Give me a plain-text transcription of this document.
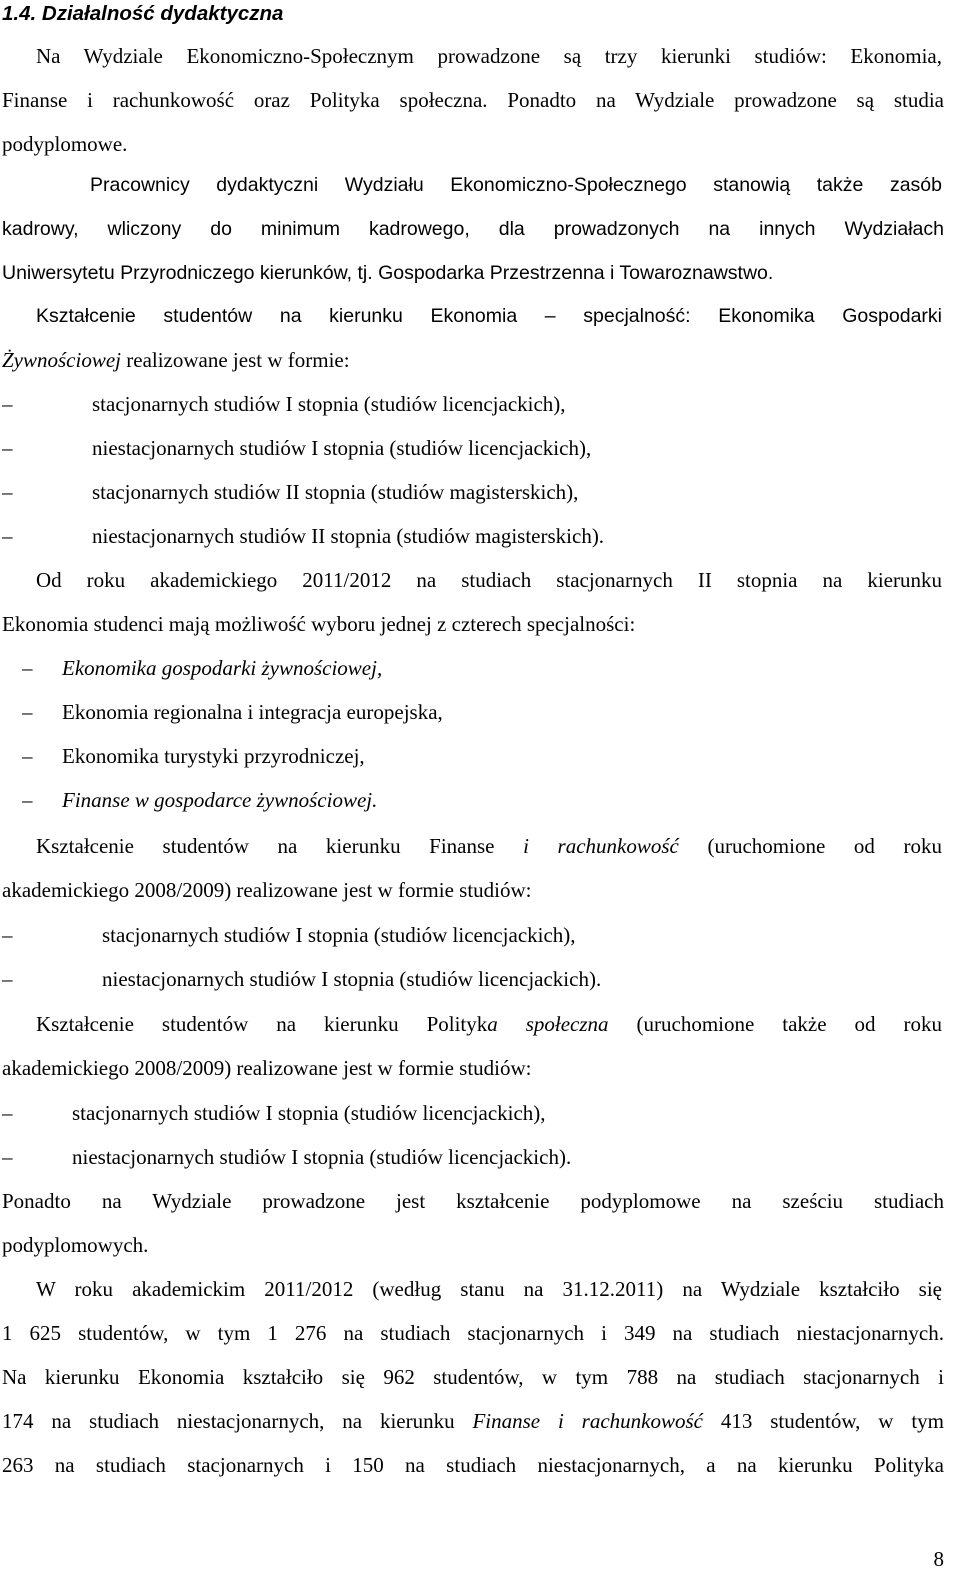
1.4. Działalność dydaktyczna
Na Wydziale Ekonomiczno-Społecznym prowadzone są trzy kierunki studiów: Ekonomia,
Finanse i rachunkowość oraz Polityka społeczna. Ponadto na Wydziale prowadzone są studia
podyplomowe.
Pracownicy dydaktyczni Wydziału Ekonomiczno-Społecznego stanowią także zasób
kadrowy, wliczony do minimum kadrowego, dla prowadzonych na innych Wydziałach
Uniwersytetu Przyrodniczego kierunków, tj. Gospodarka Przestrzenna i Towaroznawstwo.
Kształcenie studentów na kierunku Ekonomia – specjalność: Ekonomika Gospodarki
Żywnościowej realizowane jest w formie:
–	stacjonarnych studiów I stopnia (studiów licencjackich),
–	niestacjonarnych studiów I stopnia (studiów licencjackich),
–	stacjonarnych studiów II stopnia (studiów magisterskich),
–	niestacjonarnych studiów II stopnia (studiów magisterskich).
Od roku akademickiego 2011/2012 na studiach stacjonarnych II stopnia na kierunku
Ekonomia studenci mają możliwość wyboru jednej z czterech specjalności:
– Ekonomika gospodarki żywnościowej,
– Ekonomia regionalna i integracja europejska,
– Ekonomika turystyki przyrodniczej,
– Finanse w gospodarce żywnościowej.
Kształcenie studentów na kierunku Finanse i rachunkowość (uruchomione od roku
akademickiego 2008/2009) realizowane jest w formie studiów:
–	stacjonarnych studiów I stopnia (studiów licencjackich),
–	niestacjonarnych studiów I stopnia (studiów licencjackich).
Kształcenie studentów na kierunku Polityka społeczna (uruchomione także od roku
akademickiego 2008/2009) realizowane jest w formie studiów:
–	stacjonarnych studiów I stopnia (studiów licencjackich),
–	niestacjonarnych studiów I stopnia (studiów licencjackich).
Ponadto na Wydziale prowadzone jest kształcenie podyplomowe na sześciu studiach
podyplomowych.
W roku akademickim 2011/2012 (według stanu na 31.12.2011) na Wydziale kształciło się
1 625 studentów, w tym 1 276 na studiach stacjonarnych i 349 na studiach niestacjonarnych.
Na kierunku Ekonomia kształciło się 962 studentów, w tym 788 na studiach stacjonarnych i
174 na studiach niestacjonarnych, na kierunku Finanse i rachunkowość 413 studentów, w tym
263 na studiach stacjonarnych i 150 na studiach niestacjonarnych, a na kierunku Polityka
8
